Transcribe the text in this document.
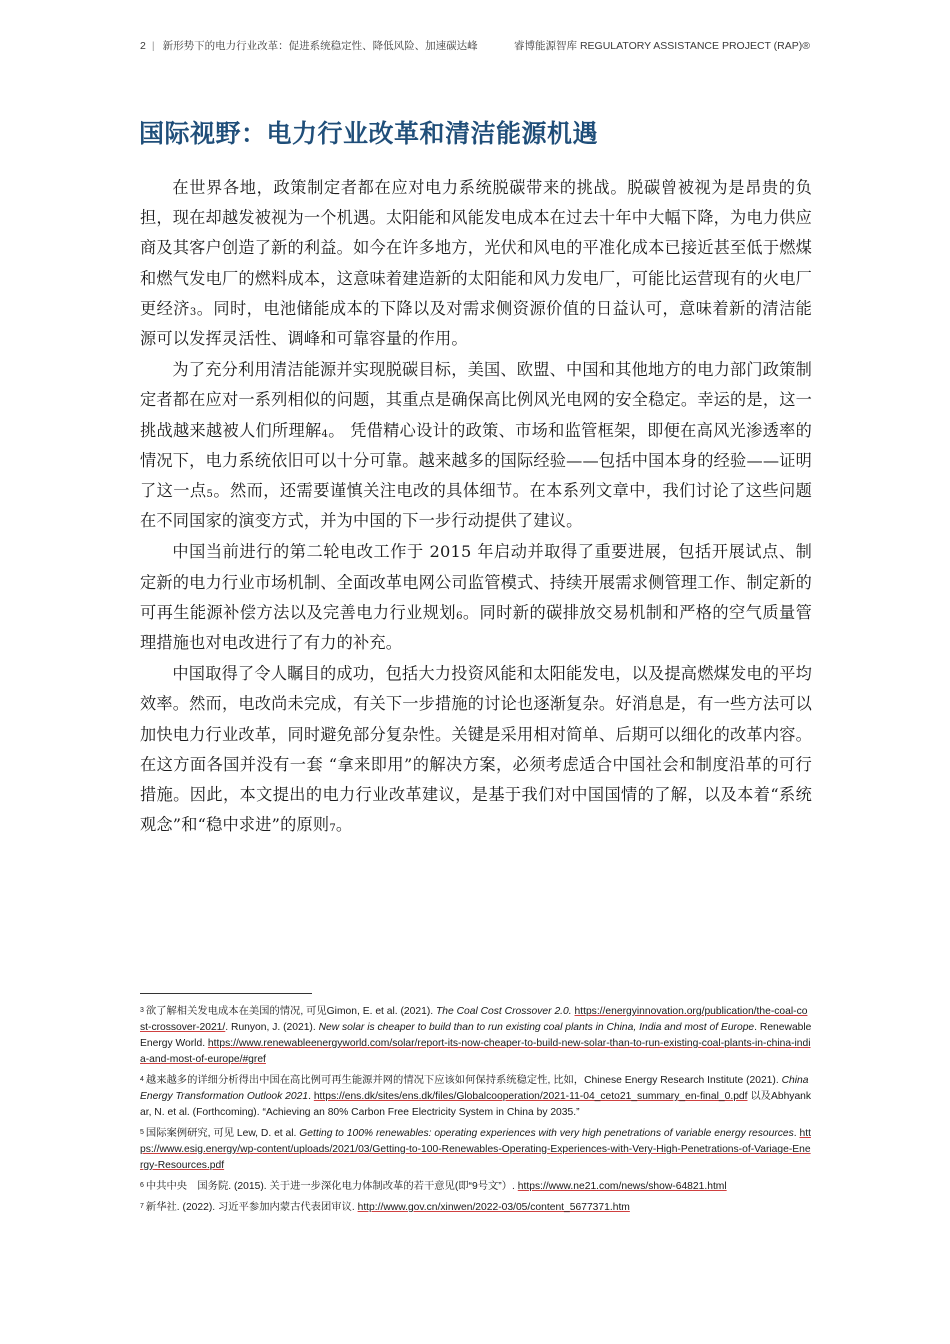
2 | 新形势下的电力行业改革：促进系统稳定性、降低风险、加速碳达峰	睿博能源智库 REGULATORY ASSISTANCE PROJECT (RAP)®
国际视野：电力行业改革和清洁能源机遇

在世界各地，政策制定者都在应对电力系统脱碳带来的挑战。脱碳曾被视为是昂贵的负担，现在却越发被视为一个机遇。太阳能和风能发电成本在过去十年中大幅下降，为电力供应商及其客户创造了新的利益。如今在许多地方，光伏和风电的平准化成本已接近甚至低于燃煤和燃气发电厂的燃料成本，这意味着建造新的太阳能和风力发电厂，可能比运营现有的火电厂更经济$^3$。同时，电池储能成本的下降以及对需求侧资源价值的日益认可，意味着新的清洁能源可以发挥灵活性、调峰和可靠容量的作用。

为了充分利用清洁能源并实现脱碳目标，美国、欧盟、中国和其他地方的电力部门政策制定者都在应对一系列相似的问题，其重点是确保高比例风光电网的安全稳定。幸运的是，这一挑战越来越被人们所理解$^4$。 凭借精心设计的政策、市场和监管框架，即便在高风光渗透率的情况下，电力系统依旧可以十分可靠。越来越多的国际经验——包括中国本身的经验——证明了这一点$^5$。然而，还需要谨慎关注电改的具体细节。在本系列文章中，我们讨论了这些问题在不同国家的演变方式，并为中国的下一步行动提供了建议。

中国当前进行的第二轮电改工作于 2015 年启动并取得了重要进展，包括开展试点、制定新的电力行业市场机制、全面改革电网公司监管模式、持续开展需求侧管理工作、制定新的可再生能源补偿方法以及完善电力行业规划$^6$。同时新的碳排放交易机制和严格的空气质量管理措施也对电改进行了有力的补充。

中国取得了令人瞩目的成功，包括大力投资风能和太阳能发电，以及提高燃煤发电的平均效率。然而，电改尚未完成，有关下一步措施的讨论也逐渐复杂。好消息是，有一些方法可以加快电力行业改革，同时避免部分复杂性。关键是采用相对简单、后期可以细化的改革内容。在这方面各国并没有一套 “拿来即用”的解决方案，必须考虑适合中国社会和制度沿革的可行措施。因此，本文提出的电力行业改革建议，是基于我们对中国国情的了解，以及本着“系统观念”和“稳中求进”的原则$^7$。

3 欲了解相关发电成本在美国的情况, 可见Gimon, E. et al. (2021). The Coal Cost Crossover 2.0. https://energyinnovation.org/publication/the-coal-cost-crossover-2021/. Runyon, J. (2021). New solar is cheaper to build than to run existing coal plants in China, India and most of Europe. Renewable Energy World. https://www.renewableenergyworld.com/solar/report-its-now-cheaper-to-build-new-solar-than-to-run-existing-coal-plants-in-china-india-and-most-of-europe/#gref

4 越来越多的详细分析得出中国在高比例可再生能源并网的情况下应该如何保持系统稳定性, 比如，Chinese Energy Research Institute (2021). China Energy Transformation Outlook 2021. https://ens.dk/sites/ens.dk/files/Globalcooperation/2021-11-04_ceto21_summary_en-final_0.pdf 以及Abhyankar, N. et al. (Forthcoming). “Achieving an 80% Carbon Free Electricity System in China by 2035.”

5 国际案例研究, 可见 Lew, D. et al. Getting to 100% renewables: operating experiences with very high penetrations of variable energy resources. https://www.esig.energy/wp-content/uploads/2021/03/Getting-to-100-Renewables-Operating-Experiences-with-Very-High-Penetrations-of-Variage-Energy-Resources.pdf

6 中共中央　国务院. (2015). 关于进一步深化电力体制改革的若干意见(即“9号文”）. https://www.ne21.com/news/show-64821.html

7 新华社. (2022). 习近平参加内蒙古代表团审议. http://www.gov.cn/xinwen/2022-03/05/content_5677371.htm
